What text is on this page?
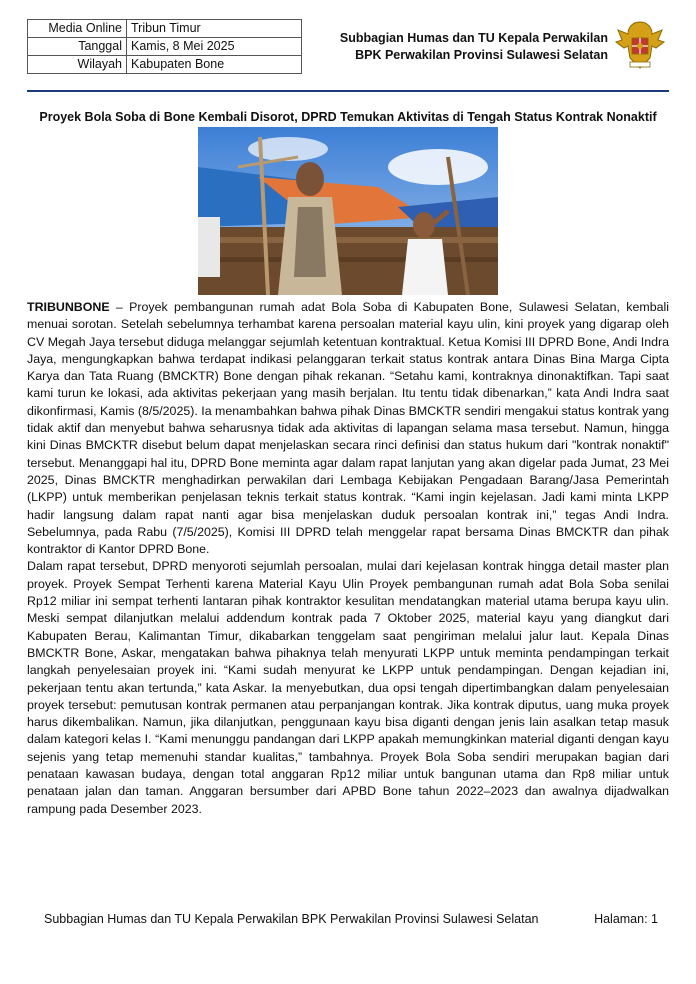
Media Online	Tribun Timur
Tanggal	Kamis, 8 Mei 2025
Wilayah	Kabupaten Bone
Subbagian Humas dan TU Kepala Perwakilan
BPK Perwakilan Provinsi Sulawesi Selatan
Proyek Bola Soba di Bone Kembali Disorot, DPRD Temukan Aktivitas di Tengah Status Kontrak Nonaktif

TRIBUNBONE – Proyek pembangunan rumah adat Bola Soba di Kabupaten Bone, Sulawesi Selatan, kembali menuai sorotan. Setelah sebelumnya terhambat karena persoalan material kayu ulin, kini proyek yang digarap oleh CV Megah Jaya tersebut diduga melanggar sejumlah ketentuan kontraktual. Ketua Komisi III DPRD Bone, Andi Indra Jaya, mengungkapkan bahwa terdapat indikasi pelanggaran terkait status kontrak antara Dinas Bina Marga Cipta Karya dan Tata Ruang (BMCKTR) Bone dengan pihak rekanan. “Setahu kami, kontraknya dinonaktifkan. Tapi saat kami turun ke lokasi, ada aktivitas pekerjaan yang masih berjalan. Itu tentu tidak dibenarkan,” kata Andi Indra saat dikonfirmasi, Kamis (8/5/2025). Ia menambahkan bahwa pihak Dinas BMCKTR sendiri mengakui status kontrak yang tidak aktif dan menyebut bahwa seharusnya tidak ada aktivitas di lapangan selama masa tersebut. Namun, hingga kini Dinas BMCKTR disebut belum dapat menjelaskan secara rinci definisi dan status hukum dari "kontrak nonaktif" tersebut. Menanggapi hal itu, DPRD Bone meminta agar dalam rapat lanjutan yang akan digelar pada Jumat, 23 Mei 2025, Dinas BMCKTR menghadirkan perwakilan dari Lembaga Kebijakan Pengadaan Barang/Jasa Pemerintah (LKPP) untuk memberikan penjelasan teknis terkait status kontrak. “Kami ingin kejelasan. Jadi kami minta LKPP hadir langsung dalam rapat nanti agar bisa menjelaskan duduk persoalan kontrak ini,” tegas Andi Indra. Sebelumnya, pada Rabu (7/5/2025), Komisi III DPRD telah menggelar rapat bersama Dinas BMCKTR dan pihak kontraktor di Kantor DPRD Bone.

Dalam rapat tersebut, DPRD menyoroti sejumlah persoalan, mulai dari kejelasan kontrak hingga detail master plan proyek. Proyek Sempat Terhenti karena Material Kayu Ulin Proyek pembangunan rumah adat Bola Soba senilai Rp12 miliar ini sempat terhenti lantaran pihak kontraktor kesulitan mendatangkan material utama berupa kayu ulin. Meski sempat dilanjutkan melalui addendum kontrak pada 7 Oktober 2025, material kayu yang diangkut dari Kabupaten Berau, Kalimantan Timur, dikabarkan tenggelam saat pengiriman melalui jalur laut. Kepala Dinas BMCKTR Bone, Askar, mengatakan bahwa pihaknya telah menyurati LKPP untuk meminta pendampingan terkait langkah penyelesaian proyek ini. “Kami sudah menyurat ke LKPP untuk pendampingan. Dengan kejadian ini, pekerjaan tentu akan tertunda,” kata Askar. Ia menyebutkan, dua opsi tengah dipertimbangkan dalam penyelesaian proyek tersebut: pemutusan kontrak permanen atau perpanjangan kontrak. Jika kontrak diputus, uang muka proyek harus dikembalikan. Namun, jika dilanjutkan, penggunaan kayu bisa diganti dengan jenis lain asalkan tetap masuk dalam kategori kelas I. “Kami menunggu pandangan dari LKPP apakah memungkinkan material diganti dengan kayu sejenis yang tetap memenuhi standar kualitas,” tambahnya. Proyek Bola Soba sendiri merupakan bagian dari penataan kawasan budaya, dengan total anggaran Rp12 miliar untuk bangunan utama dan Rp8 miliar untuk penataan jalan dan taman. Anggaran bersumber dari APBD Bone tahun 2022–2023 dan awalnya dijadwalkan rampung pada Desember 2023.

Subbagian Humas dan TU Kepala Perwakilan BPK Perwakilan Provinsi Sulawesi Selatan	Halaman: 1
